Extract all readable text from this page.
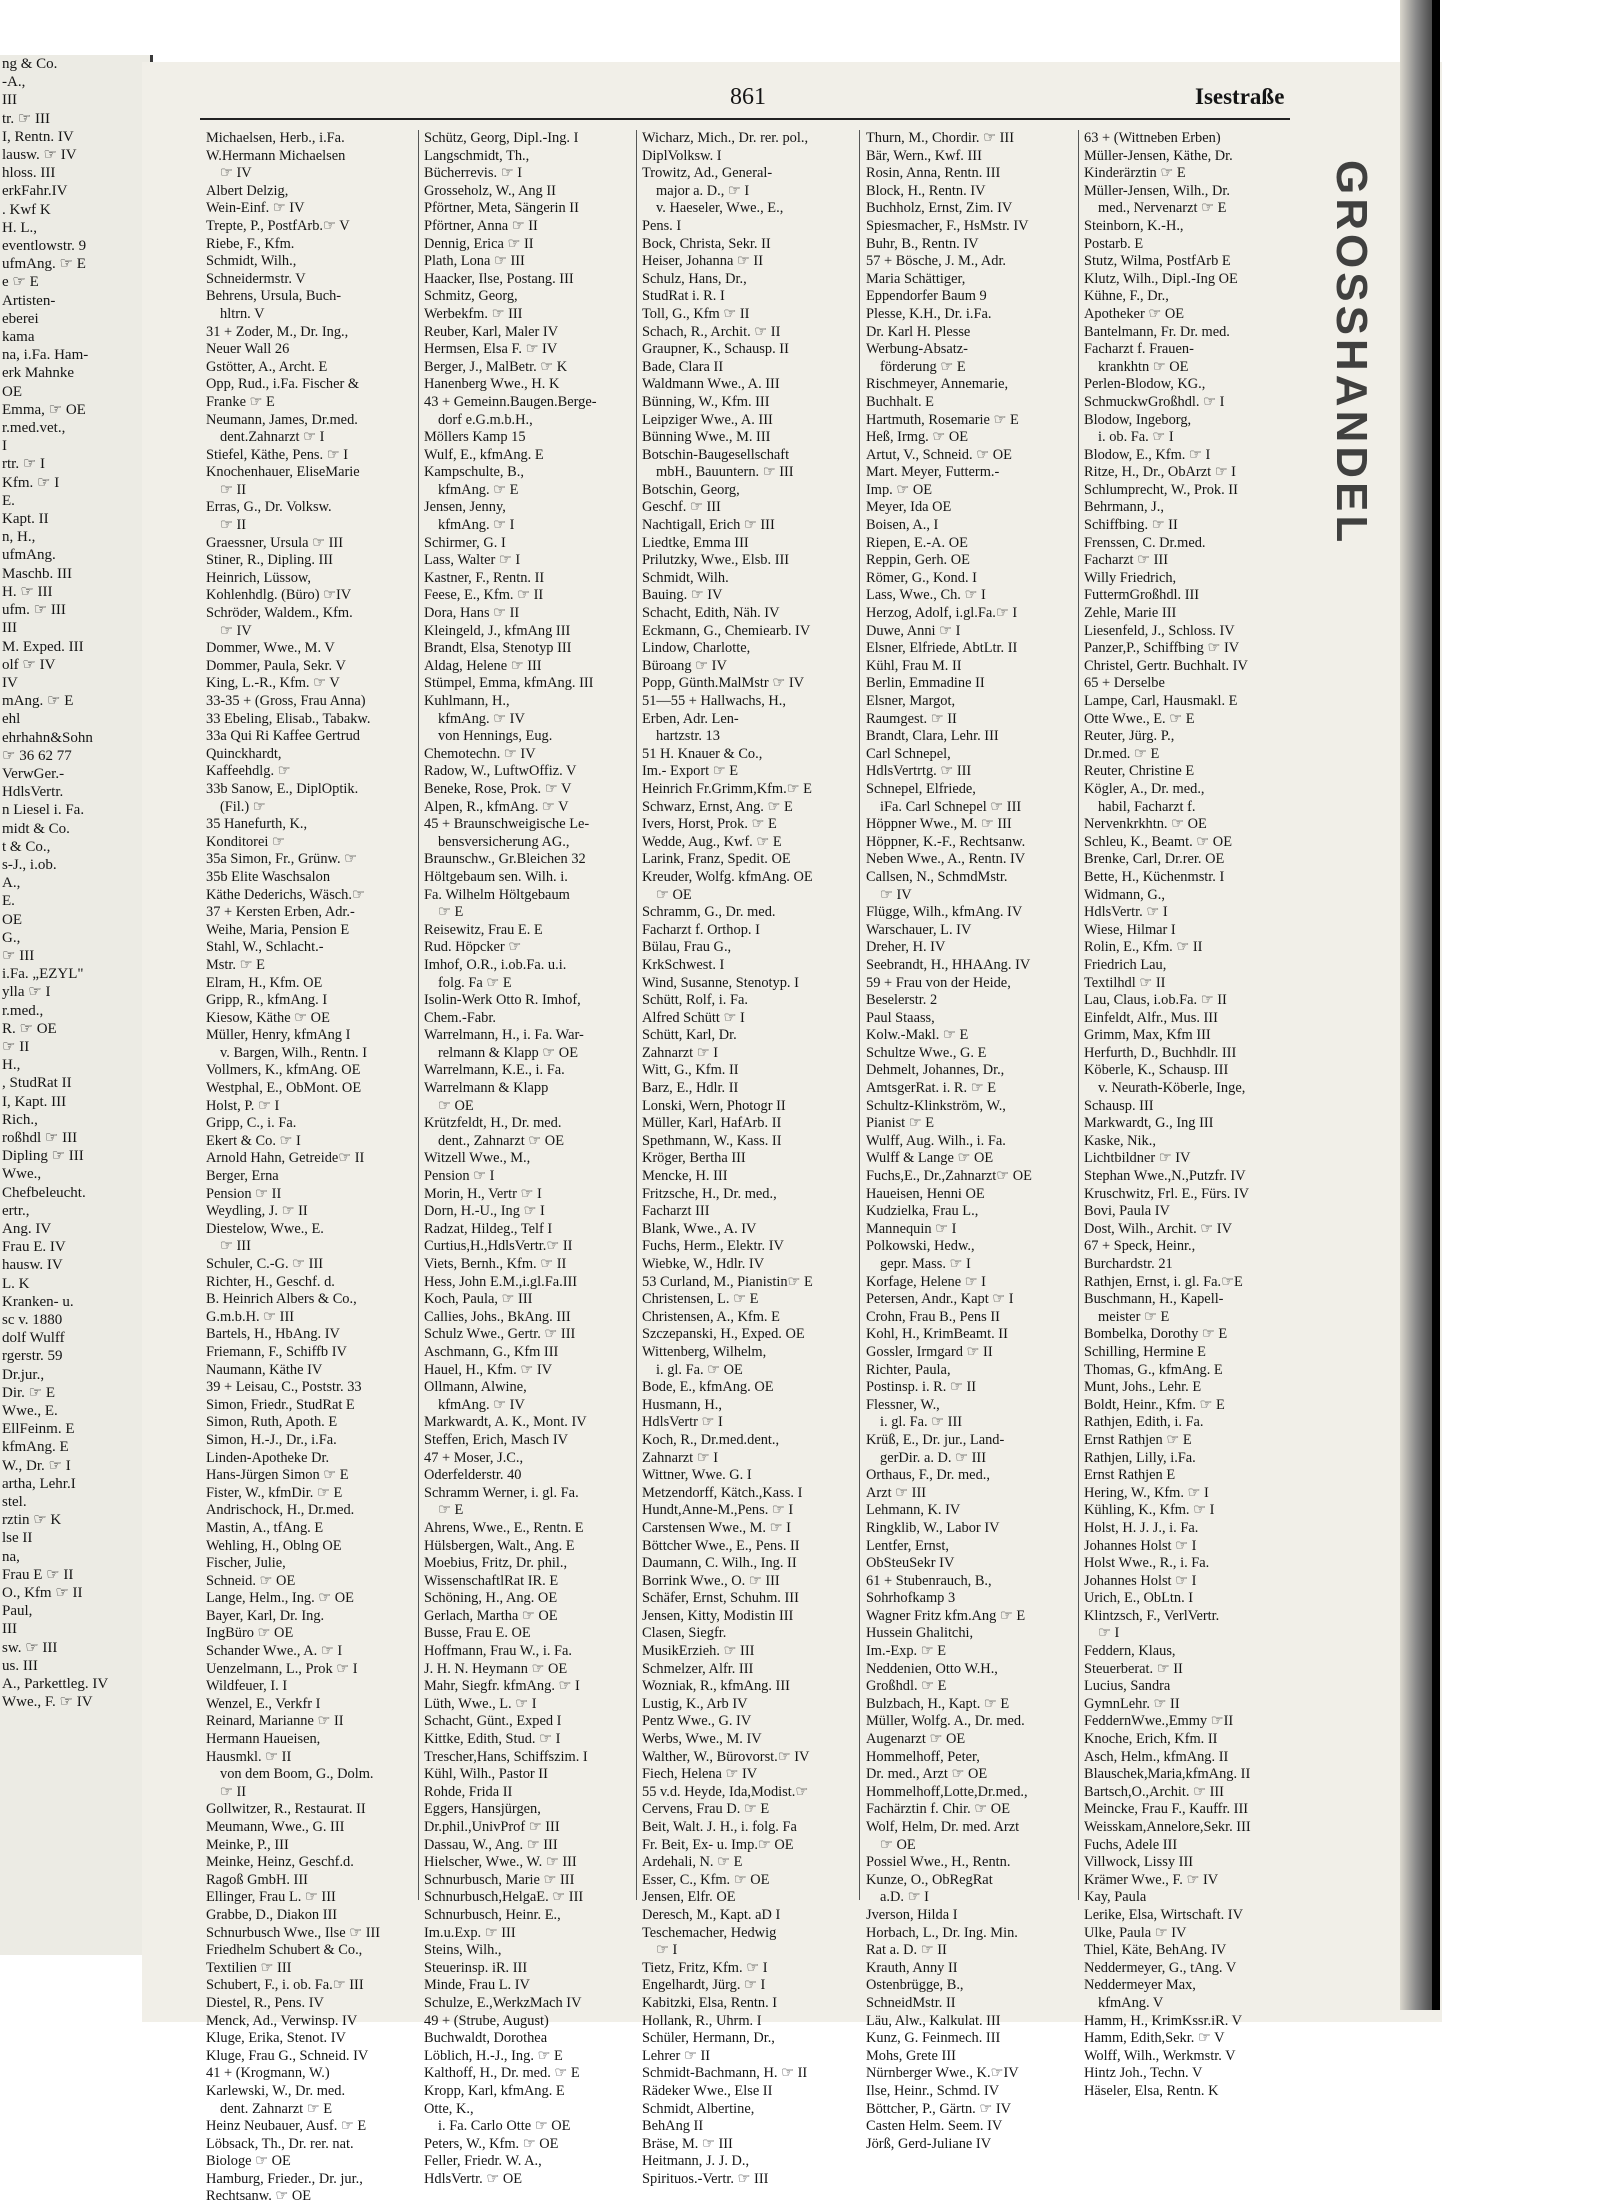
ng & Co.
-A.,
III
tr. ☞ III
I, Rentn. IV
lausw. ☞ IV
hloss. III
erkFahr.IV
. Kwf K
H. L.,
eventlowstr. 9
ufmAng. ☞ E
e ☞ E
Artisten-
eberei
kama
na, i.Fa. Ham-
erk Mahnke
OE
Emma, ☞ OE
r.med.vet.,
I
rtr. ☞ I
Kfm. ☞ I
E.
Kapt. II
n, H.,
ufmAng.
Maschb. III
H. ☞ III
ufm. ☞ III
III
M. Exped. III
olf ☞ IV
IV
mAng. ☞ E
ehl
ehrhahn&Sohn
☞ 36 62 77
VerwGer.-
HdlsVertr.
n Liesel i. Fa.
midt & Co.
t & Co.,
s-J., i.ob.
A.,
E.
OE
G.,
☞ III
i.Fa. „EZYL"
ylla ☞ I
r.med.,
R. ☞ OE
☞ II
H.,
, StudRat II
I, Kapt. III
Rich.,
roßhdl ☞ III
Dipling ☞ III
Wwe.,
Chefbeleucht.
ertr.,
Ang. IV
Frau E. IV
hausw. IV
L. K
Kranken- u.
sc v. 1880
dolf Wulff
rgerstr. 59
Dr.jur.,
Dir. ☞ E
Wwe., E.
EllFeinm. E
kfmAng. E
W., Dr. ☞ I
artha, Lehr.I
stel.
rztin ☞ K
lse II
na,
Frau E ☞ II
O., Kfm ☞ II
Paul,
III
sw. ☞ III
us. III
A., Parkettleg. IV
Wwe., F. ☞ IV
861	Isestraße
Michaelsen, Herb., i.Fa.
W.Hermann Michaelsen
☞ IV
Albert Delzig,
Wein-Einf. ☞ IV
Trepte, P., PostfArb.☞ V
Riebe, F., Kfm.
Schmidt, Wilh.,
Schneidermstr. V
Behrens, Ursula, Buch-
hltrn. V
31 + Zoder, M., Dr. Ing.,
Neuer Wall 26
Gstötter, A., Archt. E
Opp, Rud., i.Fa. Fischer &
Franke ☞ E
Neumann, James, Dr.med.
dent.Zahnarzt ☞ I
Stiefel, Käthe, Pens. ☞ I
Knochenhauer, EliseMarie
☞ II
Erras, G., Dr. Volksw.
☞ II
Graessner, Ursula ☞ III
Stiner, R., Dipling. III
Heinrich, Lüssow,
Kohlenhdlg. (Büro) ☞IV
Schröder, Waldem., Kfm.
☞ IV
Dommer, Wwe., M. V
Dommer, Paula, Sekr. V
King, L.-R., Kfm. ☞ V
33-35 + (Gross, Frau Anna)
33 Ebeling, Elisab., Tabakw.
33a Qui Ri Kaffee Gertrud
Quinckhardt,
Kaffeehdlg. ☞
33b Sanow, E., DiplOptik.
(Fil.) ☞
35 Hanefurth, K.,
Konditorei ☞
35a Simon, Fr., Grünw. ☞
35b Elite Waschsalon
Käthe Dederichs, Wäsch.☞
37 + Kersten Erben, Adr.-
Weihe, Maria, Pension E
Stahl, W., Schlacht.-
Mstr. ☞ E
Elram, H., Kfm. OE
Gripp, R., kfmAng. I
Kiesow, Käthe ☞ OE
Müller, Henry, kfmAng I
v. Bargen, Wilh., Rentn. I
Vollmers, K., kfmAng. OE
Westphal, E., ObMont. OE
Holst, P. ☞ I
Gripp, C., i. Fa.
Ekert & Co. ☞ I
Arnold Hahn, Getreide☞ II
Berger, Erna
Pension ☞ II
Weydling, J. ☞ II
Diestelow, Wwe., E.
☞ III
Schuler, C.-G. ☞ III
Richter, H., Geschf. d.
B. Heinrich Albers & Co.,
G.m.b.H. ☞ III
Bartels, H., HbAng. IV
Friemann, F., Schiffb IV
Naumann, Käthe IV
39 + Leisau, C., Poststr. 33
Simon, Friedr., StudRat E
Simon, Ruth, Apoth. E
Simon, H.-J., Dr., i.Fa.
Linden-Apotheke Dr.
Hans-Jürgen Simon ☞ E
Fister, W., kfmDir. ☞ E
Andrischock, H., Dr.med.
Mastin, A., tfAng. E
Wehling, H., Oblng OE
Fischer, Julie,
Schneid. ☞ OE
Lange, Helm., Ing. ☞ OE
Bayer, Karl, Dr. Ing.
IngBüro ☞ OE
Schander Wwe., A. ☞ I
Uenzelmann, L., Prok ☞ I
Wildfeuer, I. I
Wenzel, E., Verkfr I
Reinard, Marianne ☞ II
Hermann Haueisen,
Hausmkl. ☞ II
von dem Boom, G., Dolm.
☞ II
Gollwitzer, R., Restaurat. II
Meumann, Wwe., G. III
Meinke, P., III
Meinke, Heinz, Geschf.d.
Ragoß GmbH. III
Ellinger, Frau L. ☞ III
Grabbe, D., Diakon III
Schnurbusch Wwe., Ilse ☞ III
Friedhelm Schubert & Co.,
Textilien ☞ III
Schubert, F., i. ob. Fa.☞ III
Diestel, R., Pens. IV
Menck, Ad., Verwinsp. IV
Kluge, Erika, Stenot. IV
Kluge, Frau G., Schneid. IV
41 + (Krogmann, W.)
Karlewski, W., Dr. med.
dent. Zahnarzt ☞ E
Heinz Neubauer, Ausf. ☞ E
Löbsack, Th., Dr. rer. nat.
Biologe ☞ OE
Hamburg, Frieder., Dr. jur.,
Rechtsanw. ☞ OE
Schütz, Georg, Dipl.-Ing. I
Langschmidt, Th.,
Bücherrevis. ☞ I
Grosseholz, W., Ang II
Pförtner, Meta, Sängerin II
Pförtner, Anna ☞ II
Dennig, Erica ☞ II
Plath, Lona ☞ III
Haacker, Ilse, Postang. III
Schmitz, Georg,
Werbekfm. ☞ III
Reuber, Karl, Maler IV
Hermsen, Elsa F. ☞ IV
Berger, J., MalBetr. ☞ K
Hanenberg Wwe., H. K
43 + Gemeinn.Baugen.Berge-
dorf e.G.m.b.H.,
Möllers Kamp 15
Wulf, E., kfmAng. E
Kampschulte, B.,
kfmAng. ☞ E
Jensen, Jenny,
kfmAng. ☞ I
Schirmer, G. I
Lass, Walter ☞ I
Kastner, F., Rentn. II
Feese, E., Kfm. ☞ II
Dora, Hans ☞ II
Kleingeld, J., kfmAng III
Brandt, Elsa, Stenotyp III
Aldag, Helene ☞ III
Stümpel, Emma, kfmAng. III
Kuhlmann, H.,
kfmAng. ☞ IV
von Hennings, Eug.
Chemotechn. ☞ IV
Radow, W., LuftwOffiz. V
Beneke, Rose, Prok. ☞ V
Alpen, R., kfmAng. ☞ V
45 + Braunschweigische Le-
bensversicherung AG.,
Braunschw., Gr.Bleichen 32
Höltgebaum sen. Wilh. i.
Fa. Wilhelm Höltgebaum
☞ E
Reisewitz, Frau E. E
Rud. Höpcker ☞
Imhof, O.R., i.ob.Fa. u.i.
folg. Fa ☞ E
Isolin-Werk Otto R. Imhof,
Chem.-Fabr.
Warrelmann, H., i. Fa. War-
relmann & Klapp ☞ OE
Warrelmann, K.E., i. Fa.
Warrelmann & Klapp
☞ OE
Krützfeldt, H., Dr. med.
dent., Zahnarzt ☞ OE
Witzell Wwe., M.,
Pension ☞ I
Morin, H., Vertr ☞ I
Dorn, H.-U., Ing ☞ I
Radzat, Hildeg., Telf I
Curtius,H.,HdlsVertr.☞ II
Viets, Bernh., Kfm. ☞ II
Hess, John E.M.,i.gl.Fa.III
Koch, Paula, ☞ III
Callies, Johs., BkAng. III
Schulz Wwe., Gertr. ☞ III
Aschmann, G., Kfm III
Hauel, H., Kfm. ☞ IV
Ollmann, Alwine,
kfmAng. ☞ IV
Markwardt, A. K., Mont. IV
Steffen, Erich, Masch IV
47 + Moser, J.C.,
Oderfelderstr. 40
Schramm Werner, i. gl. Fa.
☞ E
Ahrens, Wwe., E., Rentn. E
Hülsbergen, Walt., Ang. E
Moebius, Fritz, Dr. phil.,
WissenschaftlRat IR. E
Schöning, H., Ang. OE
Gerlach, Martha ☞ OE
Busse, Frau E. OE
Hoffmann, Frau W., i. Fa.
J. H. N. Heymann ☞ OE
Mahr, Siegfr. kfmAng. ☞ I
Lüth, Wwe., L. ☞ I
Schacht, Günt., Exped I
Kittke, Edith, Stud. ☞ I
Trescher,Hans, Schiffszim. I
Kühl, Wilh., Pastor II
Rohde, Frida II
Eggers, Hansjürgen,
Dr.phil.,UnivProf ☞ III
Dassau, W., Ang. ☞ III
Hielscher, Wwe., W. ☞ III
Schnurbusch, Marie ☞ III
Schnurbusch,HelgaE. ☞ III
Schnurbusch, Heinr. E.,
Im.u.Exp. ☞ III
Steins, Wilh.,
Steuerinsp. iR. III
Minde, Frau L. IV
Schulze, E.,WerkzMach IV
49 + (Strube, August)
Buchwaldt, Dorothea
Löblich, H.-J., Ing. ☞ E
Kalthoff, H., Dr. med. ☞ E
Kropp, Karl, kfmAng. E
Otte, K.,
i. Fa. Carlo Otte ☞ OE
Peters, W., Kfm. ☞ OE
Feller, Friedr. W. A.,
HdlsVertr. ☞ OE
Wicharz, Mich., Dr. rer. pol.,
DiplVolksw. I
Trowitz, Ad., General-
major a. D., ☞ I
v. Haeseler, Wwe., E.,
Pens. I
Bock, Christa, Sekr. II
Heiser, Johanna ☞ II
Schulz, Hans, Dr.,
StudRat i. R. I
Toll, G., Kfm ☞ II
Schach, R., Archit. ☞ II
Graupner, K., Schausp. II
Bade, Clara II
Waldmann Wwe., A. III
Bünning, W., Kfm. III
Leipziger Wwe., A. III
Bünning Wwe., M. III
Botschin-Baugesellschaft
mbH., Bauuntern. ☞ III
Botschin, Georg,
Geschf. ☞ III
Nachtigall, Erich ☞ III
Liedtke, Emma III
Prilutzky, Wwe., Elsb. III
Schmidt, Wilh.
Bauing. ☞ IV
Schacht, Edith, Näh. IV
Eckmann, G., Chemiearb. IV
Lindow, Charlotte,
Büroang ☞ IV
Popp, Günth.MalMstr ☞ IV
51—55 + Hallwachs, H.,
Erben, Adr. Len-
hartzstr. 13
51 H. Knauer & Co.,
Im.- Export ☞ E
Heinrich Fr.Grimm,Kfm.☞ E
Schwarz, Ernst, Ang. ☞ E
Ivers, Horst, Prok. ☞ E
Wedde, Aug., Kwf. ☞ E
Larink, Franz, Spedit. OE
Kreuder, Wolfg. kfmAng. OE
☞ OE
Schramm, G., Dr. med.
Facharzt f. Orthop. I
Bülau, Frau G.,
KrkSchwest. I
Wind, Susanne, Stenotyp. I
Schütt, Rolf, i. Fa.
Alfred Schütt ☞ I
Schütt, Karl, Dr.
Zahnarzt ☞ I
Witt, G., Kfm. II
Barz, E., Hdlr. II
Lonski, Wern, Photogr II
Müller, Karl, HafArb. II
Spethmann, W., Kass. II
Kröger, Bertha III
Mencke, H. III
Fritzsche, H., Dr. med.,
Facharzt III
Blank, Wwe., A. IV
Fuchs, Herm., Elektr. IV
Wiebke, W., Hdlr. IV
53 Curland, M., Pianistin☞ E
Christensen, L. ☞ E
Christensen, A., Kfm. E
Szczepanski, H., Exped. OE
Wittenberg, Wilhelm,
i. gl. Fa. ☞ OE
Bode, E., kfmAng. OE
Husmann, H.,
HdlsVertr ☞ I
Koch, R., Dr.med.dent.,
Zahnarzt ☞ I
Wittner, Wwe. G. I
Metzendorff, Kätch.,Kass. I
Hundt,Anne-M.,Pens. ☞ I
Carstensen Wwe., M. ☞ I
Böttcher Wwe., E., Pens. II
Daumann, C. Wilh., Ing. II
Borrink Wwe., O. ☞ III
Schäfer, Ernst, Schuhm. III
Jensen, Kitty, Modistin III
Clasen, Siegfr.
MusikErzieh. ☞ III
Schmelzer, Alfr. III
Wozniak, R., kfmAng. III
Lustig, K., Arb IV
Pentz Wwe., G. IV
Werbs, Wwe., M. IV
Walther, W., Bürovorst.☞ IV
Fiech, Helena ☞ IV
55 v.d. Heyde, Ida,Modist.☞
Cervens, Frau D. ☞ E
Beit, Walt. J. H., i. folg. Fa
Fr. Beit, Ex- u. Imp.☞ OE
Ardehali, N. ☞ E
Esser, C., Kfm. ☞ OE
Jensen, Elfr. OE
Deresch, M., Kapt. aD I
Teschemacher, Hedwig
☞ I
Tietz, Fritz, Kfm. ☞ I
Engelhardt, Jürg. ☞ I
Kabitzki, Elsa, Rentn. I
Hollank, R., Uhrm. I
Schüler, Hermann, Dr.,
Lehrer ☞ II
Schmidt-Bachmann, H. ☞ II
Rädeker Wwe., Else II
Schmidt, Albertine,
BehAng II
Bräse, M. ☞ III
Heitmann, J. J. D.,
Spirituos.-Vertr. ☞ III
Thurn, M., Chordir. ☞ III
Bär, Wern., Kwf. III
Rosin, Anna, Rentn. III
Block, H., Rentn. IV
Buchholz, Ernst, Zim. IV
Spiesmacher, F., HsMstr. IV
Buhr, B., Rentn. IV
57 + Bösche, J. M., Adr.
Maria Schättiger,
Eppendorfer Baum 9
Plesse, K.H., Dr. i.Fa.
Dr. Karl H. Plesse
Werbung-Absatz-
förderung ☞ E
Rischmeyer, Annemarie,
Buchhalt. E
Hartmuth, Rosemarie ☞ E
Heß, Irmg. ☞ OE
Artut, V., Schneid. ☞ OE
Mart. Meyer, Futterm.-
Imp. ☞ OE
Meyer, Ida OE
Boisen, A., I
Riepen, E.-A. OE
Reppin, Gerh. OE
Römer, G., Kond. I
Lass, Wwe., Ch. ☞ I
Herzog, Adolf, i.gl.Fa.☞ I
Duwe, Anni ☞ I
Elsner, Elfriede, AbtLtr. II
Kühl, Frau M. II
Berlin, Emmadine II
Elsner, Margot,
Raumgest. ☞ II
Brandt, Clara, Lehr. III
Carl Schnepel,
HdlsVertrtg. ☞ III
Schnepel, Elfriede,
iFa. Carl Schnepel ☞ III
Höppner Wwe., M. ☞ III
Höppner, K.-F., Rechtsanw.
Neben Wwe., A., Rentn. IV
Callsen, N., SchmdMstr.
☞ IV
Flügge, Wilh., kfmAng. IV
Warschauer, L. IV
Dreher, H. IV
Seebrandt, H., HHAAng. IV
59 + Frau von der Heide,
Beselerstr. 2
Paul Staass,
Kolw.-Makl. ☞ E
Schultze Wwe., G. E
Dehmelt, Johannes, Dr.,
AmtsgerRat. i. R. ☞ E
Schultz-Klinkström, W.,
Pianist ☞ E
Wulff, Aug. Wilh., i. Fa.
Wulff & Lange ☞ OE
Fuchs,E., Dr.,Zahnarzt☞ OE
Haueisen, Henni OE
Kudzielka, Frau L.,
Mannequin ☞ I
Polkowski, Hedw.,
gepr. Mass. ☞ I
Korfage, Helene ☞ I
Petersen, Andr., Kapt ☞ I
Crohn, Frau B., Pens II
Kohl, H., KrimBeamt. II
Gossler, Irmgard ☞ II
Richter, Paula,
Postinsp. i. R. ☞ II
Flessner, W.,
i. gl. Fa. ☞ III
Krüß, E., Dr. jur., Land-
gerDir. a. D. ☞ III
Orthaus, F., Dr. med.,
Arzt ☞ III
Lehmann, K. IV
Ringklib, W., Labor IV
Lentfer, Ernst,
ObSteuSekr IV
61 + Stubenrauch, B.,
Sohrhofkamp 3
Wagner Fritz kfm.Ang ☞ E
Hussein Ghalitchi,
Im.-Exp. ☞ E
Neddenien, Otto W.H.,
Großhdl. ☞ E
Bulzbach, H., Kapt. ☞ E
Müller, Wolfg. A., Dr. med.
Augenarzt ☞ OE
Hommelhoff, Peter,
Dr. med., Arzt ☞ OE
Hommelhoff,Lotte,Dr.med.,
Fachärztin f. Chir. ☞ OE
Wolf, Helm, Dr. med. Arzt
☞ OE
Possiel Wwe., H., Rentn.
Kunze, O., ObRegRat
a.D. ☞ I
Jverson, Hilda I
Horbach, L., Dr. Ing. Min.
Rat a. D. ☞ II
Krauth, Anny II
Ostenbrügge, B.,
SchneidMstr. II
Läu, Alw., Kalkulat. III
Kunz, G. Feinmech. III
Mohs, Grete III
Nürnberger Wwe., K.☞IV
Ilse, Heinr., Schmd. IV
Böttcher, P., Gärtn. ☞ IV
Casten Helm. Seem. IV
Jörß, Gerd-Juliane IV
63 + (Wittneben Erben)
Müller-Jensen, Käthe, Dr.
Kinderärztin ☞ E
Müller-Jensen, Wilh., Dr.
med., Nervenarzt ☞ E
Steinborn, K.-H.,
Postarb. E
Stutz, Wilma, PostfArb E
Klutz, Wilh., Dipl.-Ing OE
Kühne, F., Dr.,
Apotheker ☞ OE
Bantelmann, Fr. Dr. med.
Facharzt f. Frauen-
krankhtn ☞ OE
Perlen-Blodow, KG.,
SchmuckwGroßhdl. ☞ I
Blodow, Ingeborg,
i. ob. Fa. ☞ I
Blodow, E., Kfm. ☞ I
Ritze, H., Dr., ObArzt ☞ I
Schlumprecht, W., Prok. II
Behrmann, J.,
Schiffbing. ☞ II
Frenssen, C. Dr.med.
Facharzt ☞ III
Willy Friedrich,
FuttermGroßhdl. III
Zehle, Marie III
Liesenfeld, J., Schloss. IV
Panzer,P., Schiffbing ☞ IV
Christel, Gertr. Buchhalt. IV
65 + Derselbe
Lampe, Carl, Hausmakl. E
Otte Wwe., E. ☞ E
Reuter, Jürg. P.,
Dr.med. ☞ E
Reuter, Christine E
Kögler, A., Dr. med.,
habil, Facharzt f.
Nervenkrkhtn. ☞ OE
Schleu, K., Beamt. ☞ OE
Brenke, Carl, Dr.rer. OE
Bette, H., Küchenmstr. I
Widmann, G.,
HdlsVertr. ☞ I
Wiese, Hilmar I
Rolin, E., Kfm. ☞ II
Friedrich Lau,
Textilhdl ☞ II
Lau, Claus, i.ob.Fa. ☞ II
Einfeldt, Alfr., Mus. III
Grimm, Max, Kfm III
Herfurth, D., Buchhdlr. III
Köberle, K., Schausp. III
v. Neurath-Köberle, Inge,
Schausp. III
Markwardt, G., Ing III
Kaske, Nik.,
Lichtbildner ☞ IV
Stephan Wwe.,N.,Putzfr. IV
Kruschwitz, Frl. E., Fürs. IV
Bovi, Paula IV
Dost, Wilh., Archit. ☞ IV
67 + Speck, Heinr.,
Burchardstr. 21
Rathjen, Ernst, i. gl. Fa.☞E
Buschmann, H., Kapell-
meister ☞ E
Bombelka, Dorothy ☞ E
Schilling, Hermine E
Thomas, G., kfmAng. E
Munt, Johs., Lehr. E
Boldt, Heinr., Kfm. ☞ E
Rathjen, Edith, i. Fa.
Ernst Rathjen ☞ E
Rathjen, Lilly, i.Fa.
Ernst Rathjen E
Hering, W., Kfm. ☞ I
Kühling, K., Kfm. ☞ I
Holst, H. J. J., i. Fa.
Johannes Holst ☞ I
Holst Wwe., R., i. Fa.
Johannes Holst ☞ I
Urich, E., ObLtn. I
Klintzsch, F., VerlVertr.
☞ I
Feddern, Klaus,
Steuerberat. ☞ II
Lucius, Sandra
GymnLehr. ☞ II
FeddernWwe.,Emmy ☞II
Knoche, Erich, Kfm. II
Asch, Helm., kfmAng. II
Blauschek,Maria,kfmAng. II
Bartsch,O.,Archit. ☞ III
Meincke, Frau F., Kauffr. III
Weisskam,Annelore,Sekr. III
Fuchs, Adele III
Villwock, Lissy III
Krämer Wwe., F. ☞ IV
Kay, Paula
Lerike, Elsa, Wirtschaft. IV
Ulke, Paula ☞ IV
Thiel, Käte, BehAng. IV
Neddermeyer, G., tAng. V
Neddermeyer Max,
kfmAng. V
Hamm, H., KrimKssr.iR. V
Hamm, Edith,Sekr. ☞ V
Wolff, Wilh., Werkmstr. V
Hintz Joh., Techn. V
Häseler, Elsa, Rentn. K
